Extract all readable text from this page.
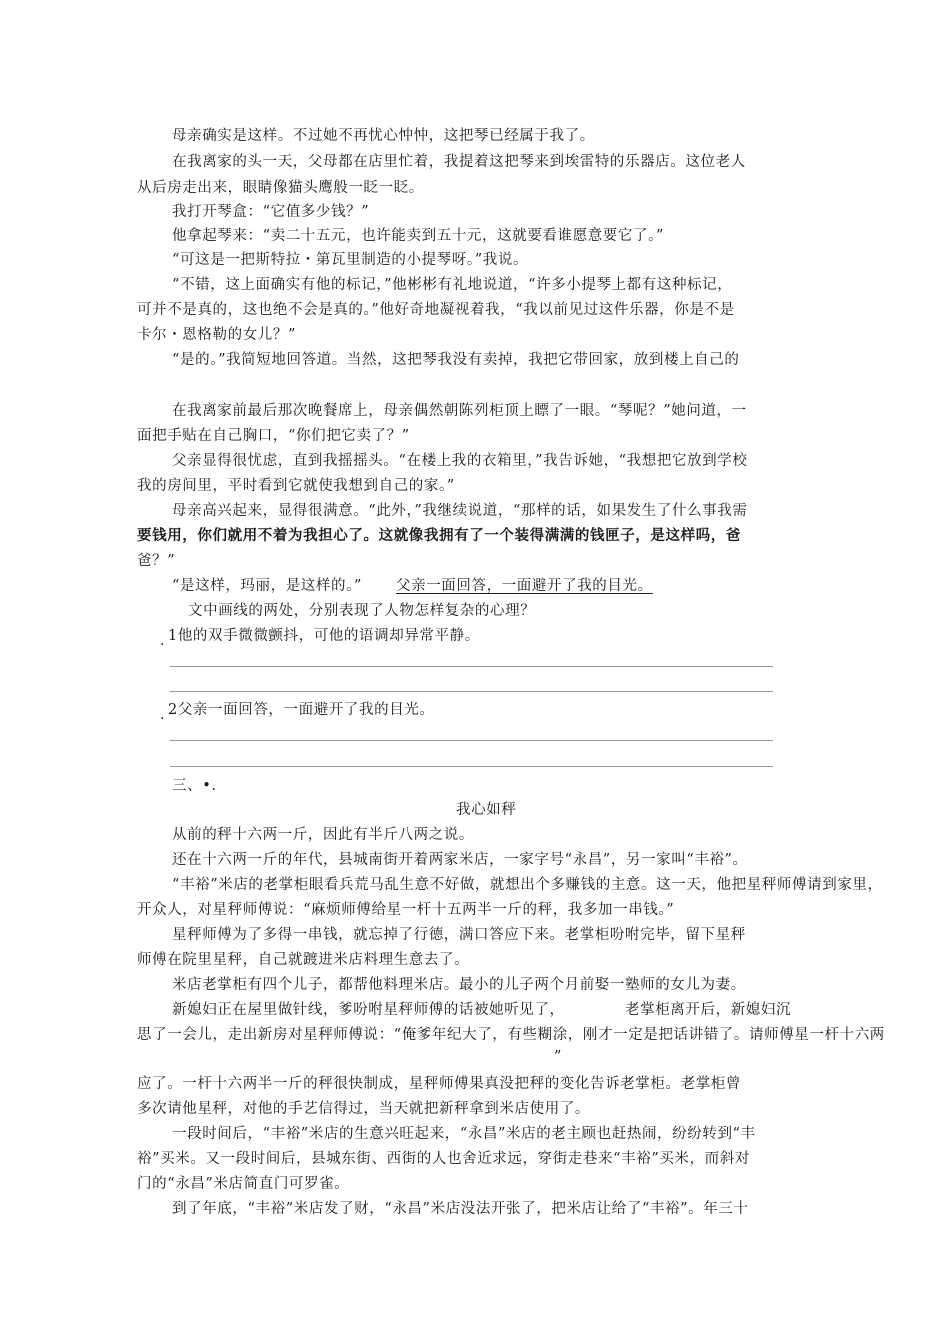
母亲确实是这样。不过她不再忧心忡忡，这把琴已经属于我了。
在我离家的头一天，父母都在店里忙着，我提着这把琴来到埃雷特的乐器店。这位老人
从后房走出来，眼睛像猫头鹰般一眨一眨。
我打开琴盒：“它值多少钱？”
他拿起琴来：“卖二十五元，也许能卖到五十元，这就要看谁愿意要它了。”
“可这是一把斯特拉・第瓦里制造的小提琴呀。”我说。
“不错，这上面确实有他的标记，”他彬彬有礼地说道，“许多小提琴上都有这种标记，
可并不是真的，这也绝不会是真的。”他好奇地凝视着我，“我以前见过这件乐器，你是不是
卡尔・恩格勒的女儿？”
“是的。”我简短地回答道。当然，这把琴我没有卖掉，我把它带回家，放到楼上自己的
在我离家前最后那次晚餐席上，母亲偶然朝陈列柜顶上瞟了一眼。“琴呢？”她问道，一
面把手贴在自己胸口，“你们把它卖了？”
父亲显得很忧虑，直到我摇摇头。“在楼上我的衣箱里，”我告诉她，“我想把它放到学校
我的房间里，平时看到它就使我想到自己的家。”
母亲高兴起来，显得很满意。“此外，”我继续说道，“那样的话，如果发生了什么事我需
要钱用，你们就用不着为我担心了。这就像我拥有了一个装得满满的钱匣子，是这样吗，爸
爸？”
“是这样，玛丽，是这样的。” 父亲一面回答，一面避开了我的目光。
文中画线的两处，分别表现了人物怎样复杂的心理？
. 1他的双手微微颤抖，可他的语调却异常平静。
. 2父亲一面回答，一面避开了我的目光。
三、•.
我心如秤
从前的秤十六两一斤，因此有半斤八两之说。
还在十六两一斤的年代，县城南街开着两家米店，一家字号“永昌”，另一家叫“丰裕”。
“丰裕”米店的老掌柜眼看兵荒马乱生意不好做，就想出个多赚钱的主意。这一天，他把星秤师傅请到家里，
开众人，对星秤师傅说：“麻烦师傅给星一杆十五两半一斤的秤，我多加一串钱。”
星秤师傅为了多得一串钱，就忘掉了行德，满口答应下来。老掌柜吩咐完毕，留下星秤
师傅在院里星秤，自己就踱进米店料理生意去了。
米店老掌柜有四个儿子，都帮他料理米店。最小的儿子两个月前娶一塾师的女儿为妻。
新媳妇正在屋里做针线，爹吩咐星秤师傅的话被她听见了，	老掌柜离开后，新媳妇沉
思了一会儿，走出新房对星秤师傅说：“俺爹年纪大了，有些糊涂，刚才一定是把话讲错了。请师傅星一杆十六两
”
应了。一杆十六两半一斤的秤很快制成，星秤师傅果真没把秤的变化告诉老掌柜。老掌柜曾
多次请他星秤，对他的手艺信得过，当天就把新秤拿到米店使用了。
一段时间后，“丰裕”米店的生意兴旺起来，“永昌”米店的老主顾也赶热闹，纷纷转到“丰
裕”买米。又一段时间后，县城东街、西街的人也舍近求远，穿街走巷来“丰裕”买米，而斜对
门的“永昌”米店简直门可罗雀。
到了年底，“丰裕”米店发了财，“永昌”米店没法开张了，把米店让给了“丰裕”。年三十
